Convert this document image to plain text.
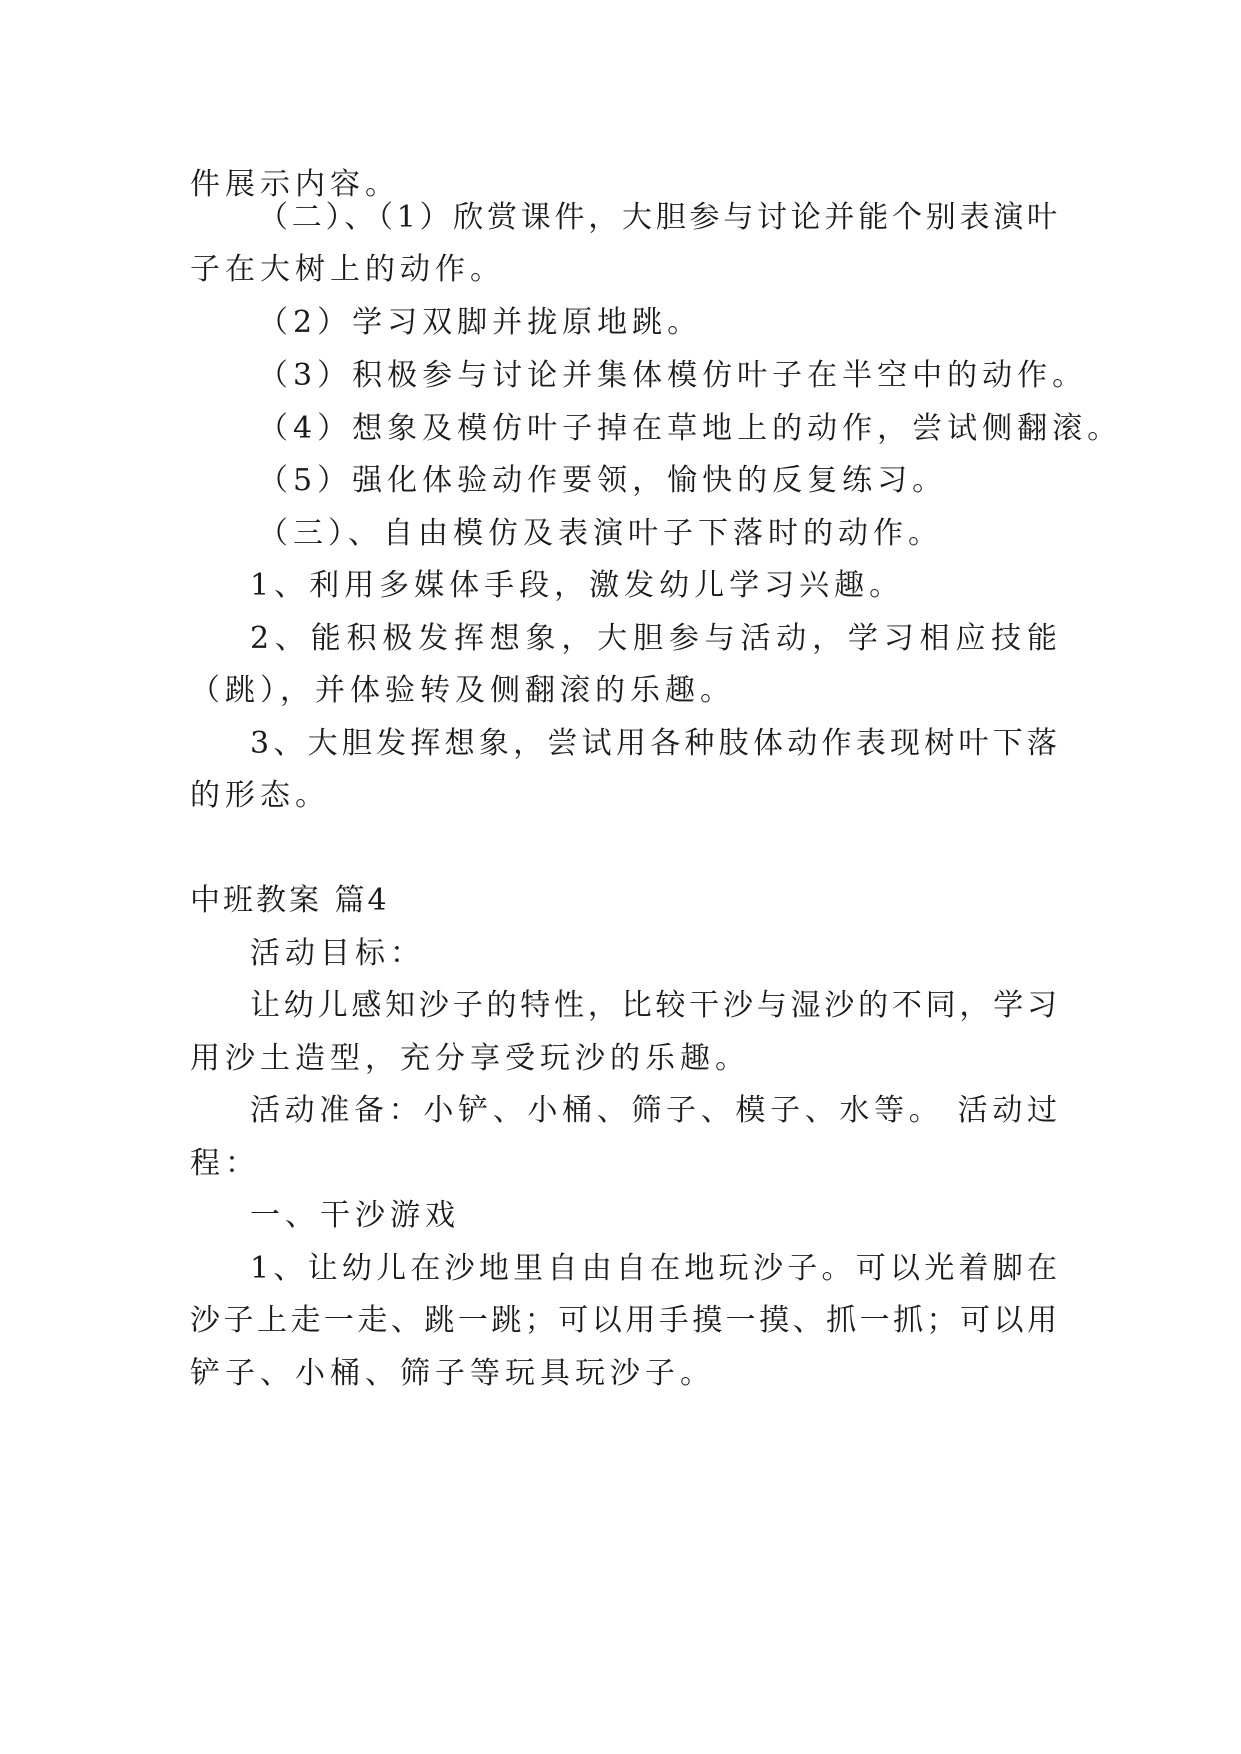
件展示内容。
（二）、（1）欣赏课件，大胆参与讨论并能个别表演叶
子在大树上的动作。
（2）学习双脚并拢原地跳。
（3）积极参与讨论并集体模仿叶子在半空中的动作。
（4）想象及模仿叶子掉在草地上的动作，尝试侧翻滚。
（5）强化体验动作要领，愉快的反复练习。
（三）、自由模仿及表演叶子下落时的动作。
1、利用多媒体手段，激发幼儿学习兴趣。
2、能积极发挥想象，大胆参与活动，学习相应技能
（跳），并体验转及侧翻滚的乐趣。
3、大胆发挥想象，尝试用各种肢体动作表现树叶下落
的形态。
中班教案 篇4
活动目标：
让幼儿感知沙子的特性，比较干沙与湿沙的不同，学习
用沙土造型，充分享受玩沙的乐趣。
活动准备：小铲、小桶、筛子、模子、水等。 活动过
程：
一、干沙游戏
1、让幼儿在沙地里自由自在地玩沙子。可以光着脚在
沙子上走一走、跳一跳；可以用手摸一摸、抓一抓；可以用
铲子、小桶、筛子等玩具玩沙子。
